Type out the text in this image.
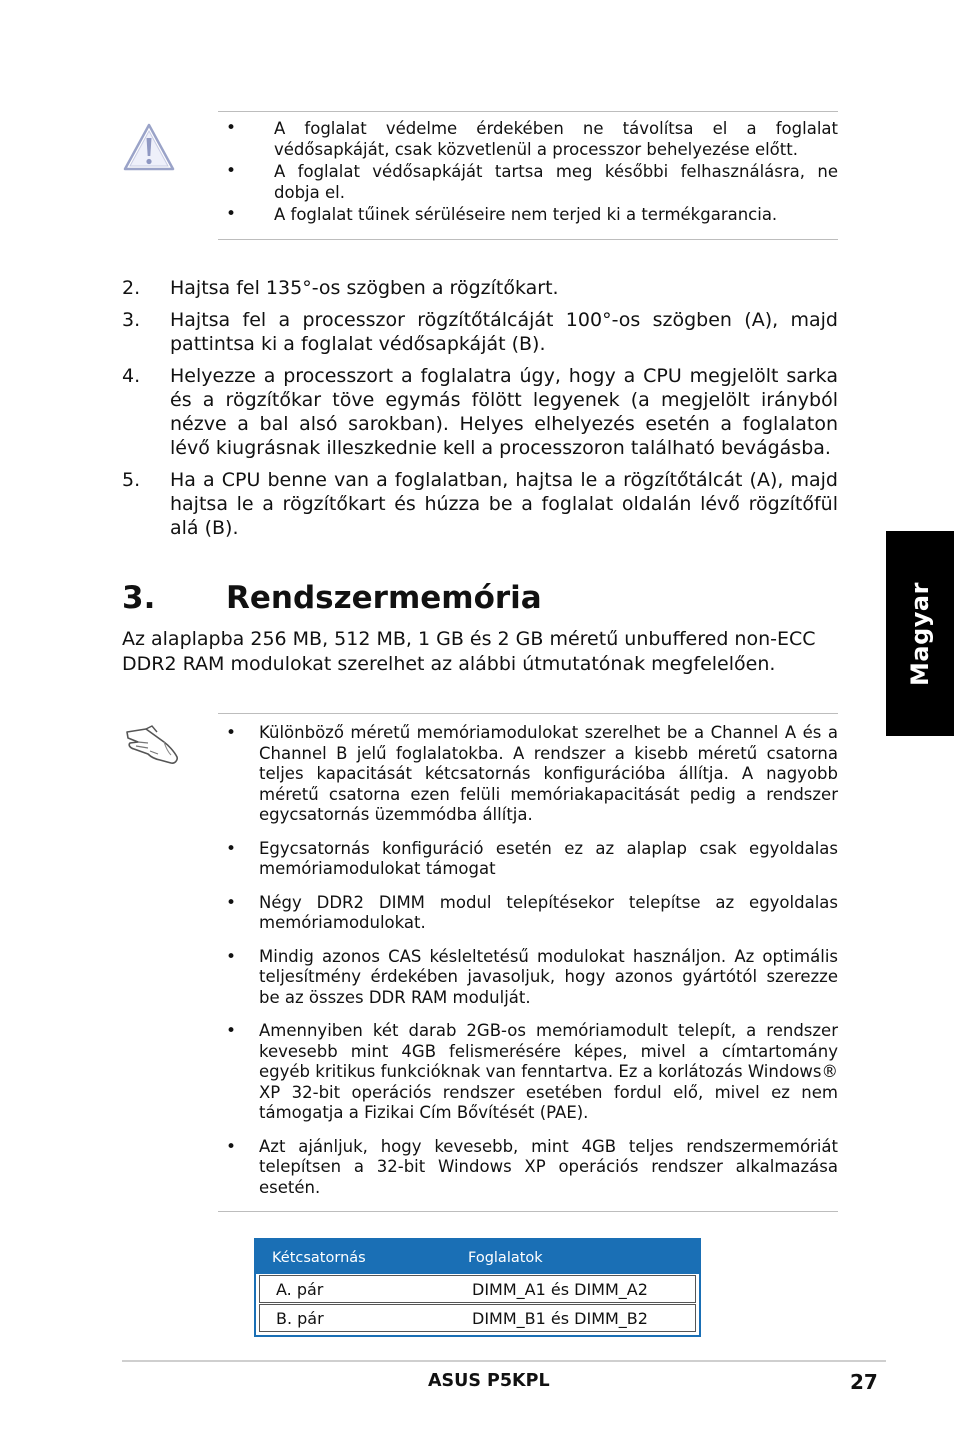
• A foglalat védelme érdekében ne távolítsa el a foglalat védősapkáját, csak közvetlenül a processzor behelyezése előtt.
• A foglalat védősapkáját tartsa meg későbbi felhasználásra, ne dobja el.
• A foglalat tűinek sérüléseire nem terjed ki a termékgarancia.
2. Hajtsa fel 135°-os szögben a rögzítőkart.
3. Hajtsa fel a processzor rögzítőtálcáját 100°-os szögben (A), majd pattintsa ki a foglalat védősapkáját (B).
4. Helyezze a processzort a foglalatra úgy, hogy a CPU megjelölt sarka és a rögzítőkar töve egymás fölött legyenek (a megjelölt irányból nézve a bal alsó sarokban). Helyes elhelyezés esetén a foglalaton lévő kiugrásnak illeszkednie kell a processzoron található bevágásba.
5. Ha a CPU benne van a foglalatban, hajtsa le a rögzítőtálcát (A), majd hajtsa le a rögzítőkart és húzza be a foglalat oldalán lévő rögzítőfül alá (B).
3. Rendszermemória

Az alaplapba 256 MB, 512 MB, 1 GB és 2 GB méretű unbuffered non-ECC DDR2 RAM modulokat szerelhet az alábbi útmutatónak megfelelően.	Magyar
• Különböző méretű memóriamodulokat szerelhet be a Channel A és a Channel B jelű foglalatokba. A rendszer a kisebb méretű csatorna teljes kapacitását kétcsatornás konfigurációba állítja. A nagyobb méretű csatorna ezen felüli memóriakapacitását pedig a rendszer egycsatornás üzemmódba állítja.
• Egycsatornás konfiguráció esetén ez az alaplap csak egyoldalas memóriamodulokat támogat
• Négy DDR2 DIMM modul telepítésekor telepítse az egyoldalas memóriamodulokat.
• Mindig azonos CAS késleltetésű modulokat használjon. Az optimális teljesítmény érdekében javasoljuk, hogy azonos gyártótól szerezze be az összes DDR RAM modulját.
• Amennyiben két darab 2GB-os memóriamodult telepít, a rendszer kevesebb mint 4GB felismerésére képes, mivel a címtartomány egyéb kritikus funkcióknak van fenntartva. Ez a korlátozás Windows® XP 32-bit operációs rendszer esetében fordul elő, mivel ez nem támogatja a Fizikai Cím Bővítését (PAE).
• Azt ajánljuk, hogy kevesebb, mint 4GB teljes rendszermemóriát telepítsen a 32-bit Windows XP operációs rendszer alkalmazása esetén.
Kétcsatornás	Foglalatok
A. pár	DIMM_A1 és DIMM_A2
B. pár	DIMM_B1 és DIMM_B2
ASUS P5KPL	27
